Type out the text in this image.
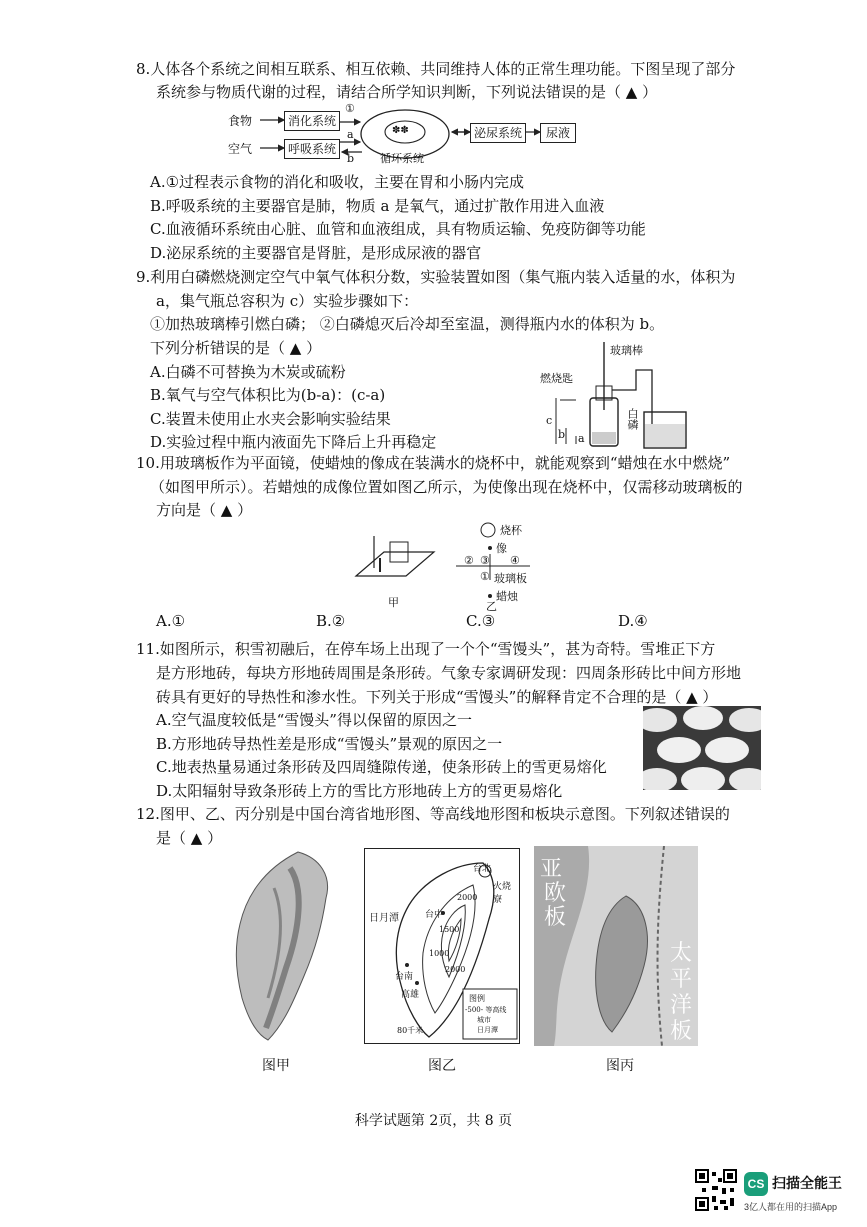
8.人体各个系统之间相互联系、相互依赖、共同维持人体的正常生理功能。下图呈现了部分
系统参与物质代谢的过程，请结合所学知识判断，下列说法错误的是（ ▲ ）
食物
空气
消化系统
呼吸系统
①
a
b
✽✽
循环系统
泌尿系统	尿液
A.①过程表示食物的消化和吸收，主要在胃和小肠内完成
B.呼吸系统的主要器官是肺，物质 a 是氧气，通过扩散作用进入血液
C.血液循环系统由心脏、血管和血液组成，具有物质运输、免疫防御等功能
D.泌尿系统的主要器官是肾脏，是形成尿液的器官
9.利用白磷燃烧测定空气中氧气体积分数，实验装置如图（集气瓶内装入适量的水，体积为
a，集气瓶总容积为 c）实验步骤如下：
①加热玻璃棒引燃白磷； ②白磷熄灭后冷却至室温，测得瓶内水的体积为 b。
下列分析错误的是（ ▲ ）
A.白磷不可替换为木炭或硫粉
B.氧气与空气体积比为(b-a)：(c-a)
C.装置未使用止水夹会影响实验结果
D.实验过程中瓶内液面先下降后上升再稳定
玻璃棒
燃烧匙
白磷
c
b a
10.用玻璃板作为平面镜，使蜡烛的像成在装满水的烧杯中，就能观察到“蜡烛在水中燃烧”
（如图甲所示）。若蜡烛的成像位置如图乙所示，为使像出现在烧杯中，仅需移动玻璃板的
方向是（ ▲ ）
甲
烧杯
像
② ③ ④
① 玻璃板
蜡烛
乙
A.①	B.②	C.③	D.④
11.如图所示，积雪初融后，在停车场上出现了一个个“雪馒头”，甚为奇特。雪堆正下方
是方形地砖，每块方形地砖周围是条形砖。气象专家调研发现：四周条形砖比中间方形地
砖具有更好的导热性和渗水性。下列关于形成“雪馒头”的解释肯定不合理的是（ ▲ ）
A.空气温度较低是“雪馒头”得以保留的原因之一
B.方形地砖导热性差是形成“雪馒头”景观的原因之一
C.地表热量易通过条形砖及四周缝隙传递，使条形砖上的雪更易熔化
D.太阳辐射导致条形砖上方的雪比方形地砖上方的雪更易熔化
12.图甲、乙、丙分别是中国台湾省地形图、等高线地形图和板块示意图。下列叙述错误的
是（ ▲ ）
图甲
台北
火烧寮
日月潭	台中
台南
高雄
2000
1500
1000
2000
图例
-500- 等高线
城市
日月潭
80千米
图乙
亚
欧
板
太
平
洋
板
图丙
科学试题第 2页，共 8 页
CS 扫描全能王
3亿人都在用的扫描App
